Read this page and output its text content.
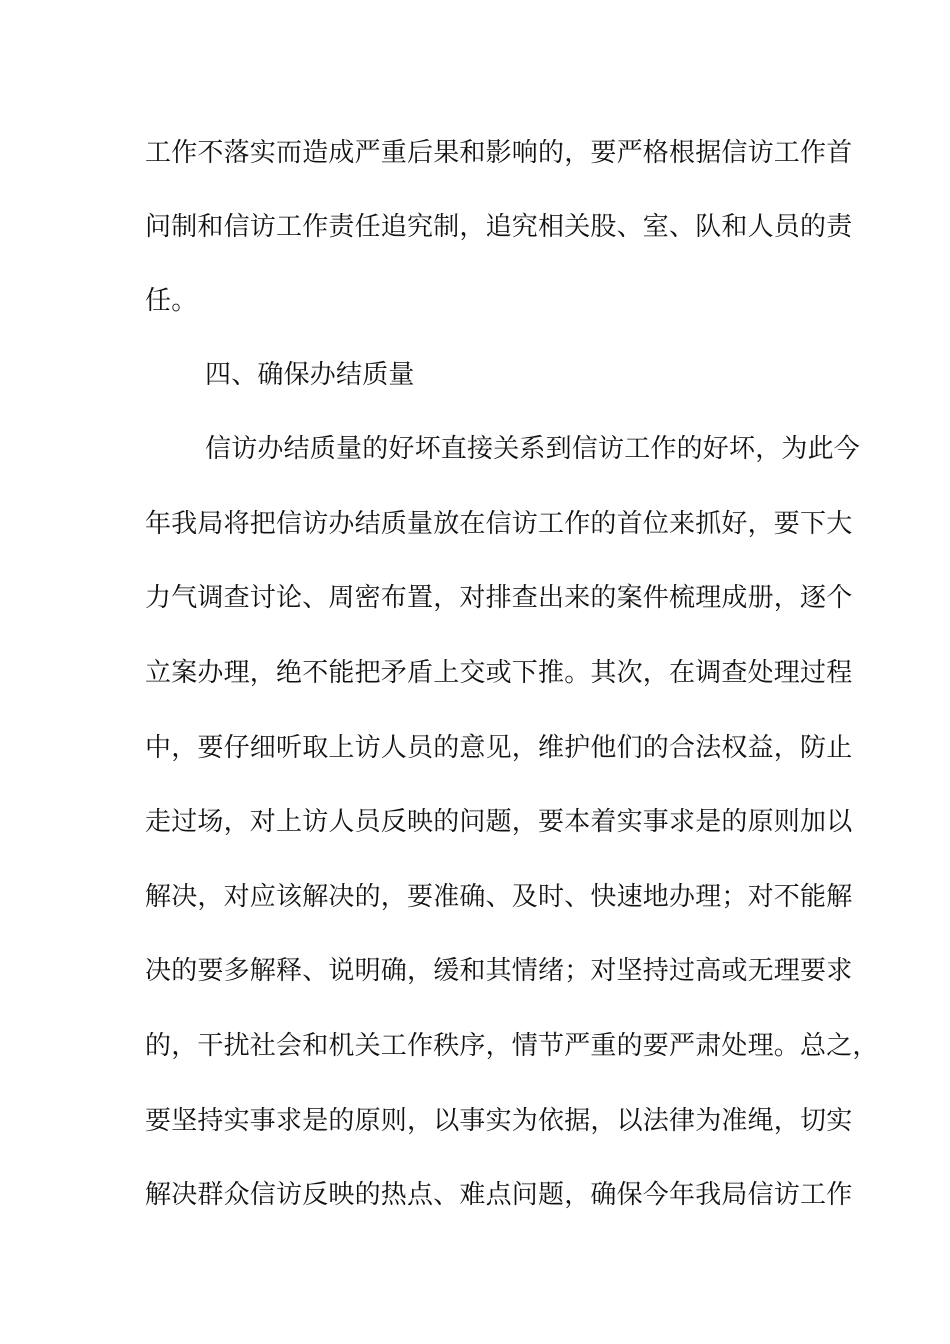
工作不落实而造成严重后果和影响的，要严格根据信访工作首
问制和信访工作责任追究制，追究相关股、室、队和人员的责
任。
四、确保办结质量
信访办结质量的好坏直接关系到信访工作的好坏，为此今
年我局将把信访办结质量放在信访工作的首位来抓好，要下大
力气调查讨论、周密布置，对排查出来的案件梳理成册，逐个
立案办理，绝不能把矛盾上交或下推。其次，在调查处理过程
中，要仔细听取上访人员的意见，维护他们的合法权益，防止
走过场，对上访人员反映的问题，要本着实事求是的原则加以
解决，对应该解决的，要准确、及时、快速地办理；对不能解
决的要多解释、说明确，缓和其情绪；对坚持过高或无理要求
的，干扰社会和机关工作秩序，情节严重的要严肃处理。总之，
要坚持实事求是的原则，以事实为依据，以法律为准绳，切实
解决群众信访反映的热点、难点问题，确保今年我局信访工作
